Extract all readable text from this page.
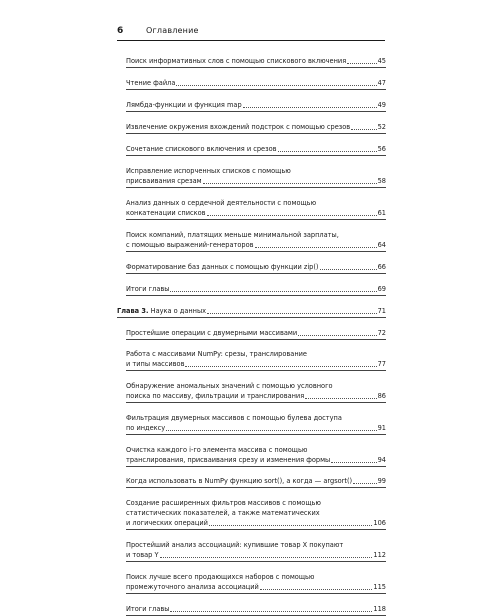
6	Оглавление
Поиск информативных слов с помощью спискового включения	45
Чтение файла	47
Лямбда-функции и функция map	49
Извлечение окружения вхождений подстрок с помощью срезов	52
Сочетание спискового включения и срезов	56
Исправление испорченных списков с помощью
присваивания срезам	58
Анализ данных о сердечной деятельности с помощью
конкатенации списков	61
Поиск компаний, платящих меньше минимальной зарплаты,
с помощью выражений-генераторов	64
Форматирование баз данных с помощью функции zip()	66
Итоги главы	69
Глава 3. Наука о данных	71
Простейшие операции с двумерными массивами	72
Работа с массивами NumPy: срезы, транслирование
и типы массивов	77
Обнаружение аномальных значений с помощью условного
поиска по массиву, фильтрации и транслирования	86
Фильтрация двумерных массивов с помощью булева доступа
по индексу	91
Очистка каждого i-го элемента массива с помощью
транслирования, присваивания срезу и изменения формы	94
Когда использовать в NumPy функцию sort(), а когда — argsort()	99
Создание расширенных фильтров массивов с помощью
статистических показателей, а также математических
и логических операций	106
Простейший анализ ассоциаций: купившие товар X покупают
и товар Y	112
Поиск лучше всего продающихся наборов с помощью
промежуточного анализа ассоциаций	115
Итоги главы	118
